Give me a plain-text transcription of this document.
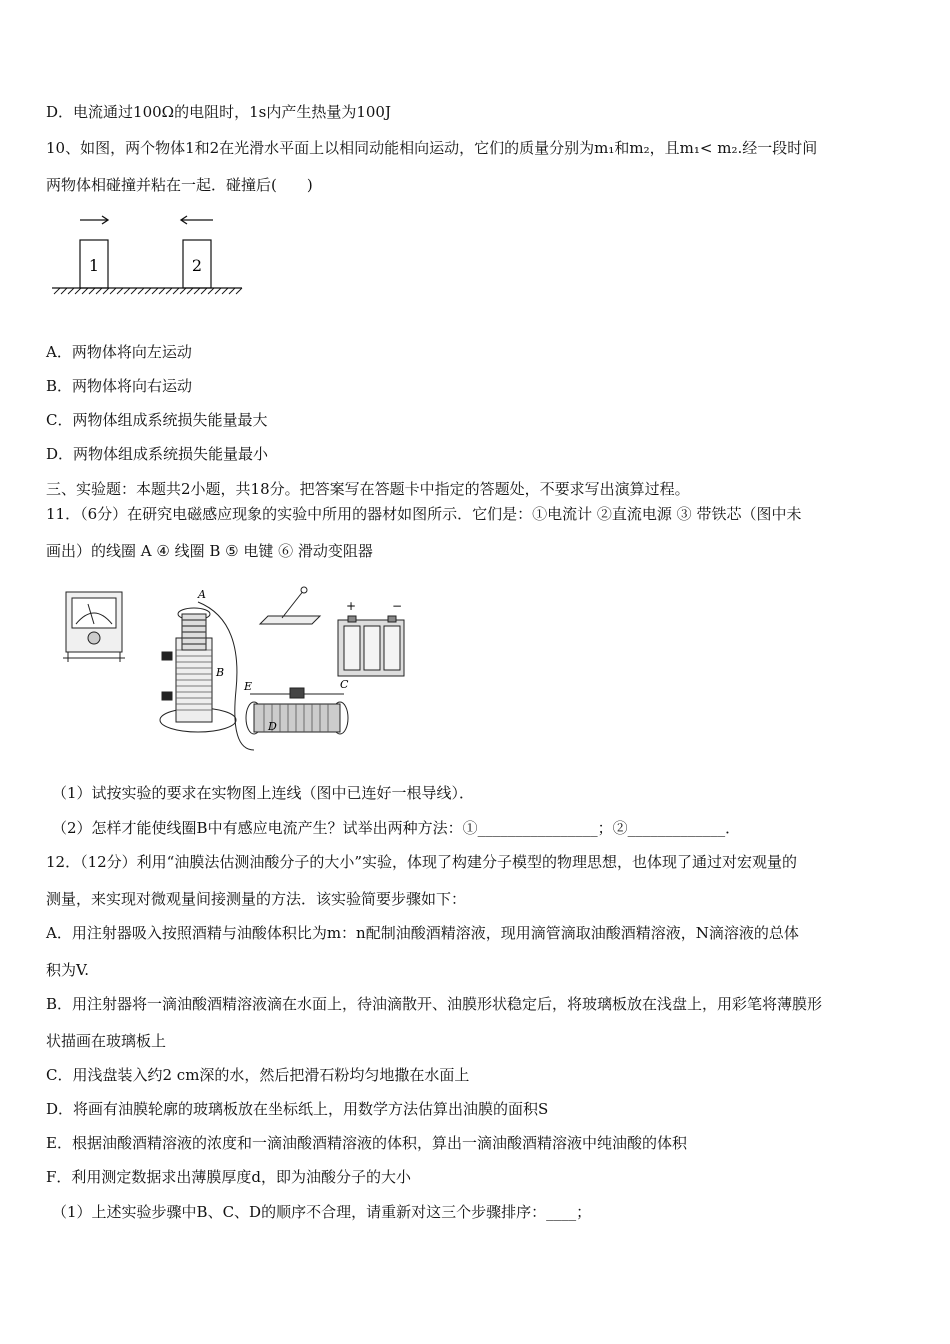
D．电流通过100Ω的电阻时，1s内产生热量为100J
10、如图，两个物体1和2在光滑水平面上以相同动能相向运动，它们的质量分别为m₁和m₂，且m₁< m₂.经一段时间
两物体相碰撞并粘在一起．碰撞后(　　)
1	2
A．两物体将向左运动
B．两物体将向右运动
C．两物体组成系统损失能量最大
D．两物体组成系统损失能量最小
三、实验题：本题共2小题，共18分。把答案写在答题卡中指定的答题处，不要求写出演算过程。
11．（6分）在研究电磁感应现象的实验中所用的器材如图所示．它们是：①电流计 ②直流电源 ③ 带铁芯（图中未
画出）的线圈 A ④ 线圈 B ⑤ 电键 ⑥ 滑动变阻器
A
B
+	−
E	C
D
（1）试按实验的要求在实物图上连线（图中已连好一根导线）．
（2）怎样才能使线圈B中有感应电流产生？试举出两种方法：①________________；②_____________．
12．（12分）利用“油膜法估测油酸分子的大小”实验，体现了构建分子模型的物理思想，也体现了通过对宏观量的
测量，来实现对微观量间接测量的方法．该实验简要步骤如下：
A．用注射器吸入按照酒精与油酸体积比为m：n配制油酸酒精溶液，现用滴管滴取油酸酒精溶液，N滴溶液的总体
积为V.
B．用注射器将一滴油酸酒精溶液滴在水面上，待油滴散开、油膜形状稳定后，将玻璃板放在浅盘上，用彩笔将薄膜形
状描画在玻璃板上
C．用浅盘装入约2 cm深的水，然后把滑石粉均匀地撒在水面上
D．将画有油膜轮廓的玻璃板放在坐标纸上，用数学方法估算出油膜的面积S
E．根据油酸酒精溶液的浓度和一滴油酸酒精溶液的体积，算出一滴油酸酒精溶液中纯油酸的体积
F．利用测定数据求出薄膜厚度d，即为油酸分子的大小
（1）上述实验步骤中B、C、D的顺序不合理，请重新对这三个步骤排序：____；
